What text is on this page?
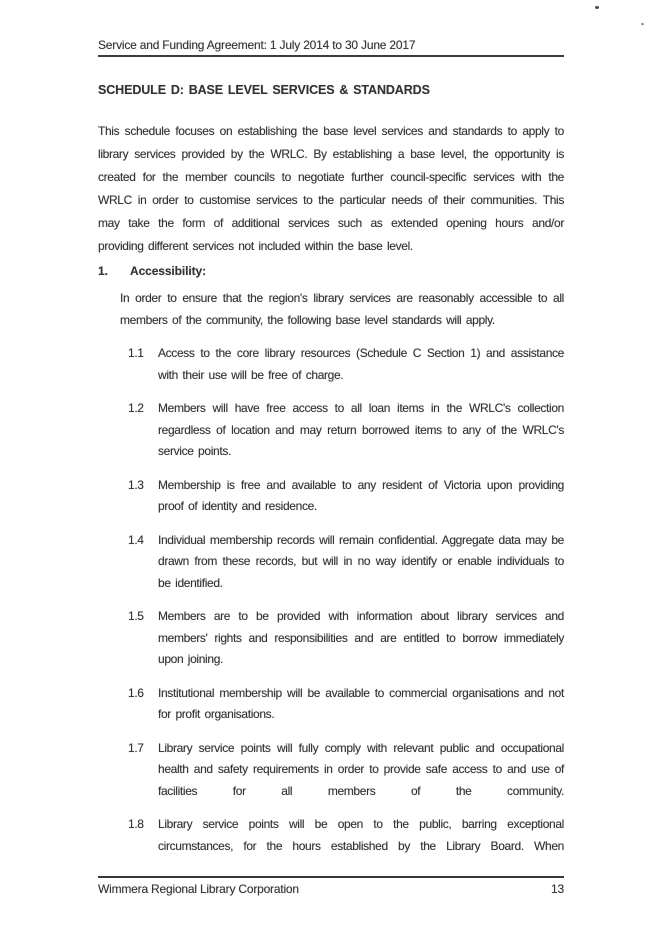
Service and Funding Agreement: 1 July 2014 to 30 June 2017
SCHEDULE D: BASE LEVEL SERVICES & STANDARDS

This schedule focuses on establishing the base level services and standards to apply to library services provided by the WRLC. By establishing a base level, the opportunity is created for the member councils to negotiate further council-specific services with the WRLC in order to customise services to the particular needs of their communities. This may take the form of additional services such as extended opening hours and/or providing different services not included within the base level.

1.	Accessibility:

In order to ensure that the region's library services are reasonably accessible to all members of the community, the following base level standards will apply.

1.1	Access to the core library resources (Schedule C Section 1) and assistance with their use will be free of charge.

1.2	Members will have free access to all loan items in the WRLC's collection regardless of location and may return borrowed items to any of the WRLC's service points.

1.3	Membership is free and available to any resident of Victoria upon providing proof of identity and residence.

1.4	Individual membership records will remain confidential. Aggregate data may be drawn from these records, but will in no way identify or enable individuals to be identified.

1.5	Members are to be provided with information about library services and members' rights and responsibilities and are entitled to borrow immediately upon joining.

1.6	Institutional membership will be available to commercial organisations and not for profit organisations.

1.7	Library service points will fully comply with relevant public and occupational health and safety requirements in order to provide safe access to and use of facilities for all members of the community.

1.8	Library service points will be open to the public, barring exceptional circumstances, for the hours established by the Library Board. When

Wimmera Regional Library Corporation	13
